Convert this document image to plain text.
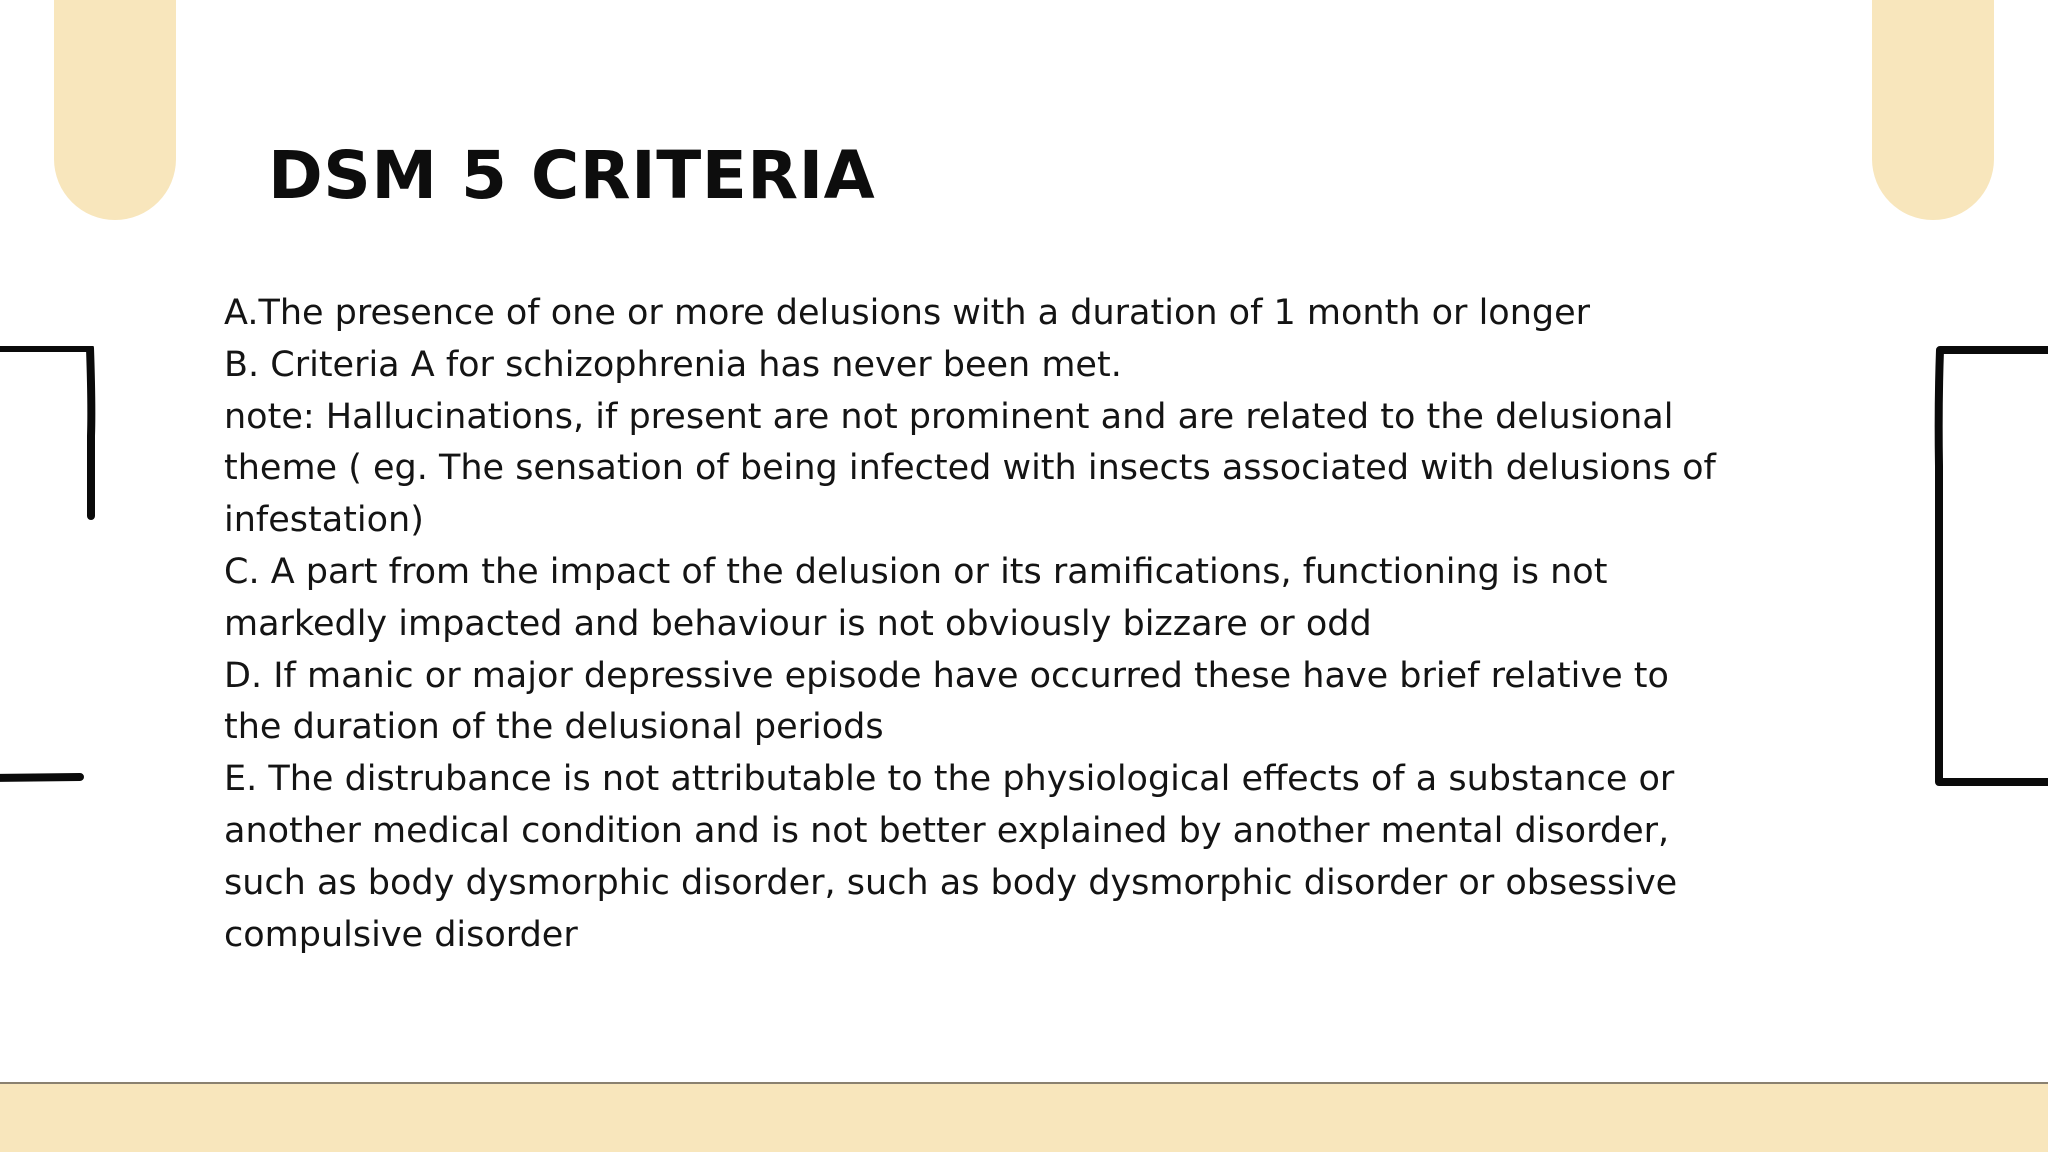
DSM 5 CRITERIA
A.The presence of one or more delusions with a duration of 1 month or longer
B. Criteria A for schizophrenia has never been met.
note: Hallucinations, if present are not prominent and are related to the delusional
theme ( eg. The sensation of being infected with insects associated with delusions of
infestation)
C. A part from the impact of the delusion or its ramifications, functioning is not
markedly impacted and behaviour is not obviously bizzare or odd
D. If manic or major depressive episode have occurred these have brief relative to
the duration of the delusional periods
E. The distrubance is not attributable to the physiological effects of a substance or
another medical condition and is not better explained by another mental disorder,
such as body dysmorphic disorder, such as body dysmorphic disorder or obsessive
compulsive disorder
